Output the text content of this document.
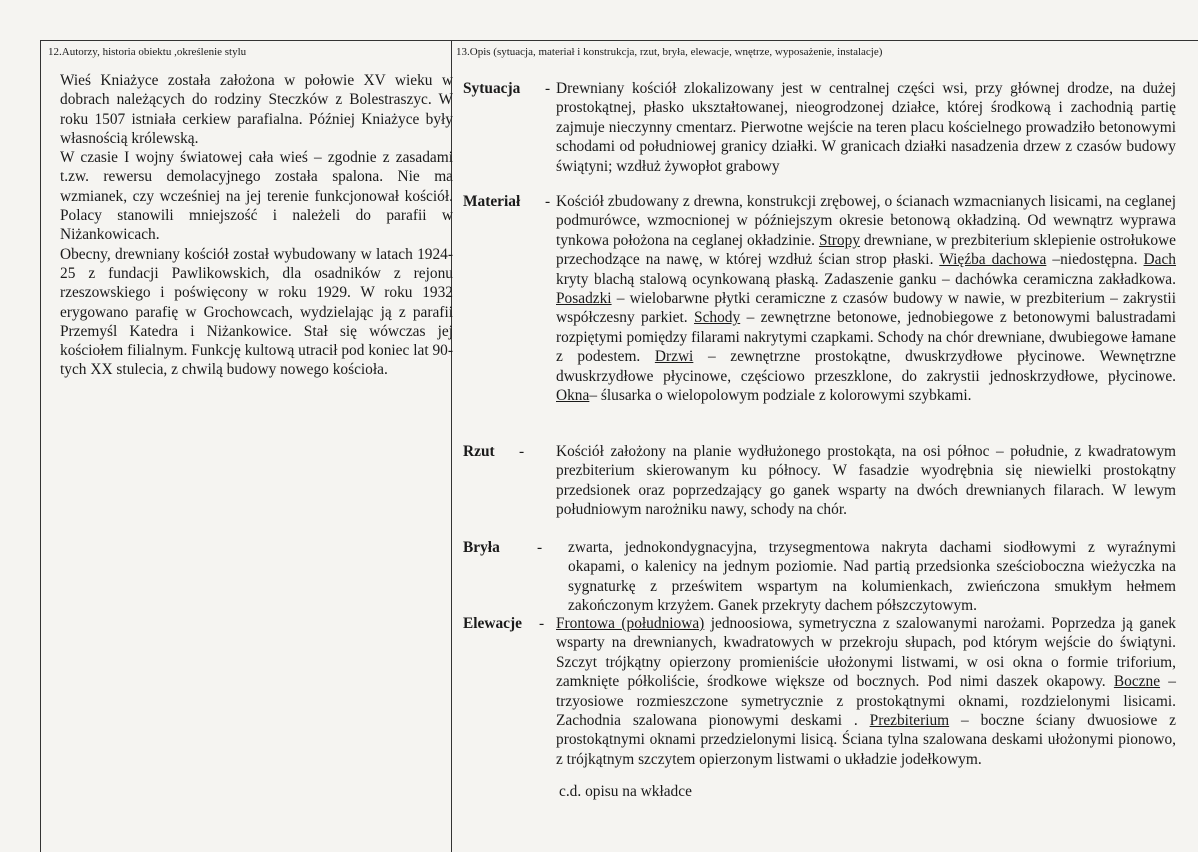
12.Autorzy, historia obiektu ,określenie stylu	13.Opis (sytuacja, materiał i konstrukcja, rzut, bryła, elewacje, wnętrze, wyposażenie, instalacje)

Wieś Kniażyce została założona w połowie XV wieku w dobrach należących do rodziny Steczków z Bolestraszyc. W roku 1507 istniała cerkiew parafialna. Później Kniażyce były własnością królewską.

W czasie I wojny światowej cała wieś – zgodnie z zasadami t.zw. rewersu demolacyjnego została spalona. Nie ma wzmianek, czy wcześniej na jej terenie funkcjonował kościół. Polacy stanowili mniejszość i należeli do parafii w Niżankowicach.

Obecny, drewniany kościół został wybudowany w latach 1924-25 z fundacji Pawlikowskich, dla osadników z rejonu rzeszowskiego i poświęcony w roku 1929. W roku 1932 erygowano parafię w Grochowcach, wydzielając ją z parafii Przemyśl Katedra i Niżankowice. Stał się wówczas jej kościołem filialnym. Funkcję kultową utracił pod koniec lat 90-tych XX stulecia, z chwilą budowy nowego kościoła.

Sytuacja - Drewniany kościół zlokalizowany jest w centralnej części wsi, przy głównej drodze, na dużej prostokątnej, płasko ukształtowanej, nieogrodzonej działce, której środkową i zachodnią partię zajmuje nieczynny cmentarz. Pierwotne wejście na teren placu kościelnego prowadziło betonowymi schodami od południowej granicy działki. W granicach działki nasadzenia drzew z czasów budowy świątyni; wzdłuż żywopłot grabowy
Materiał - Kościół zbudowany z drewna, konstrukcji zrębowej, o ścianach wzmacnianych lisicami, na ceglanej podmurówce, wzmocnionej w późniejszym okresie betonową okładziną. Od wewnątrz wyprawa tynkowa położona na ceglanej okładzinie. Stropy drewniane, w prezbiterium sklepienie ostrołukowe przechodzące na nawę, w której wzdłuż ścian strop płaski. Więźba dachowa –niedostępna. Dach kryty blachą stalową ocynkowaną płaską. Zadaszenie ganku – dachówka ceramiczna zakładkowa. Posadzki – wielobarwne płytki ceramiczne z czasów budowy w nawie, w prezbiterium – zakrystii współczesny parkiet. Schody – zewnętrzne betonowe, jednobiegowe z betonowymi balustradami rozpiętymi pomiędzy filarami nakrytymi czapkami. Schody na chór drewniane, dwubiegowe łamane z podestem. Drzwi – zewnętrzne prostokątne, dwuskrzydłowe płycinowe. Wewnętrzne dwuskrzydłowe płycinowe, częściowo przeszklone, do zakrystii jednoskrzydłowe, płycinowe. Okna– ślusarka o wielopolowym podziale z kolorowymi szybkami.
Rzut - Kościół założony na planie wydłużonego prostokąta, na osi północ – południe, z kwadratowym prezbiterium skierowanym ku północy. W fasadzie wyodrębnia się niewielki prostokątny przedsionek oraz poprzedzający go ganek wsparty na dwóch drewnianych filarach. W lewym południowym narożniku nawy, schody na chór.
Bryła - zwarta, jednokondygnacyjna, trzysegmentowa nakryta dachami siodłowymi z wyraźnymi okapami, o kalenicy na jednym poziomie. Nad partią przedsionka sześcioboczna wieżyczka na sygnaturkę z prześwitem wspartym na kolumienkach, zwieńczona smukłym hełmem zakończonym krzyżem. Ganek przekryty dachem półszczytowym.
Elewacje - Frontowa (południowa) jednoosiowa, symetryczna z szalowanymi narożami. Poprzedza ją ganek wsparty na drewnianych, kwadratowych w przekroju słupach, pod którym wejście do świątyni. Szczyt trójkątny opierzony promieniście ułożonymi listwami, w osi okna o formie triforium, zamknięte półkoliście, środkowe większe od bocznych. Pod nimi daszek okapowy. Boczne – trzyosiowe rozmieszczone symetrycznie z prostokątnymi oknami, rozdzielonymi lisicami. Zachodnia szalowana pionowymi deskami . Prezbiterium – boczne ściany dwuosiowe z prostokątnymi oknami przedzielonymi lisicą. Ściana tylna szalowana deskami ułożonymi pionowo, z trójkątnym szczytem opierzonym listwami o układzie jodełkowym.
c.d. opisu na wkładce
